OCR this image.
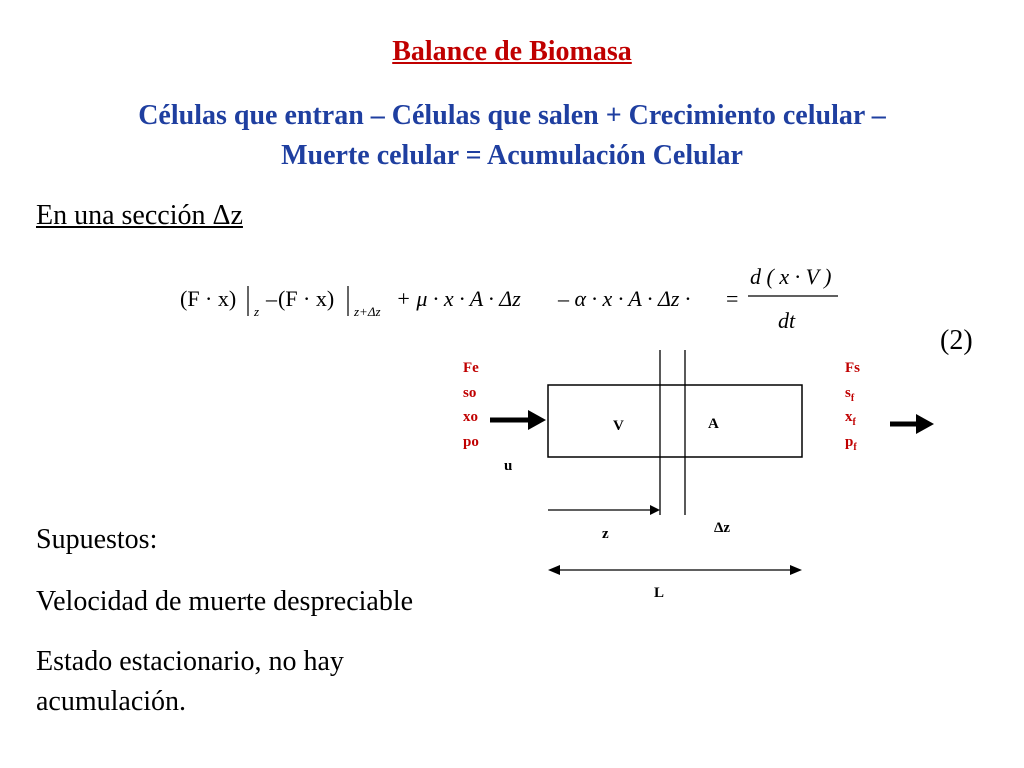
Balance de Biomasa
Células que entran – Células que salen + Crecimiento celular –
Muerte celular = Acumulación Celular
En una sección Δz
(F · x)
z
– (F · x)
z+Δz
+ μ · x · A · Δz – α · x · A · Δz · =
d ( x · V )
dt
(2)
Fe
so
xo
po
Fs
$s_f$
$x_f$
$p_f$
V	A
u
z	Δz
L
Supuestos:
Velocidad de muerte despreciable
Estado estacionario, no hay
acumulación.
